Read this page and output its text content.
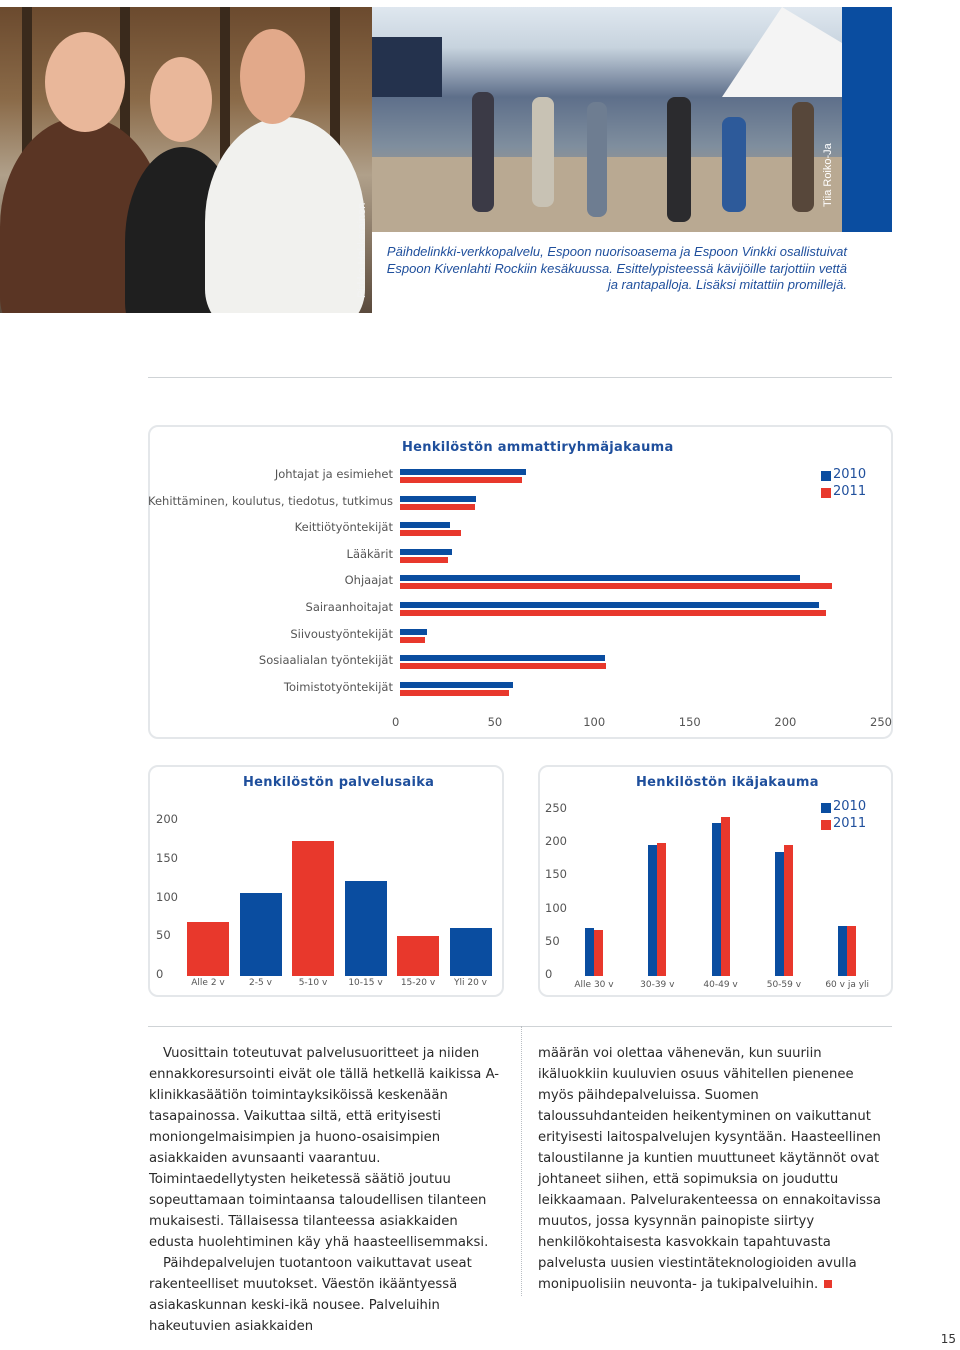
Pirkko Hakkarainen
Tiia Roiko-Ja
Päihdelinkki-verkkopalvelu, Espoon nuorisoasema ja Espoon Vinkki osallistuivat Espoon Kivenlahti Rockiin kesäkuussa. Esittelypisteessä kävijöille tarjottiin vettä ja rantapalloja. Lisäksi mitattiin promillejä.
Henkilöstön ammattiryhmäjakauma
2010
2011
Johtajat ja esimiehet
Kehittäminen, koulutus, tiedotus, tutkimus
Keittiötyöntekijät
Lääkärit
Ohjaajat
Sairaanhoitajat
Siivoustyöntekijät
Sosiaalialan työntekijät
Toimistotyöntekijät
0	50	100	150	200	250
Henkilöstön palvelusaika
0
50
100
150
200
Alle 2 v	2-5 v	5-10 v	10-15 v	15-20 v	Yli 20 v
Henkilöstön ikäjakauma
2010
2011
0
50
100
150
200
250
Alle 30 v	30-39 v	40-49 v	50-59 v	60 v ja yli

Vuosittain toteutuvat palvelusuoritteet ja niiden ennakkoresursointi eivät ole tällä hetkellä kaikissa A-klinikkasäätiön toimintayksiköissä keskenään tasapainossa. Vaikuttaa siltä, että erityisesti moniongelmaisimpien ja huono-osaisimpien asiakkaiden avunsaanti vaarantuu. Toimintaedellytysten heiketessä säätiö joutuu sopeuttamaan toimintaansa taloudellisen tilanteen mukaisesti. Tällaisessa tilanteessa asiakkaiden edusta huolehtiminen käy yhä haasteellisemmaksi.

Päihdepalvelujen tuotantoon vaikuttavat useat rakenteelliset muutokset. Väestön ikääntyessä asiakaskunnan keski-ikä nousee. Palveluihin hakeutuvien asiakkaiden

määrän voi olettaa vähenevän, kun suuriin ikäluokkiin kuuluvien osuus vähitellen pienenee myös päihdepalveluissa. Suomen taloussuhdanteiden heikentyminen on vaikuttanut erityisesti laitospalvelujen kysyntään. Haasteellinen taloustilanne ja kuntien muuttuneet käytännöt ovat johtaneet siihen, että sopimuksia on jouduttu leikkaamaan. Palvelurakenteessa on ennakoitavissa muutos, jossa kysynnän painopiste siirtyy henkilökohtaisesta kasvokkain tapahtuvasta palvelusta uusien viestintäteknologioiden avulla monipuolisiin neuvonta- ja tukipalveluihin.

15
